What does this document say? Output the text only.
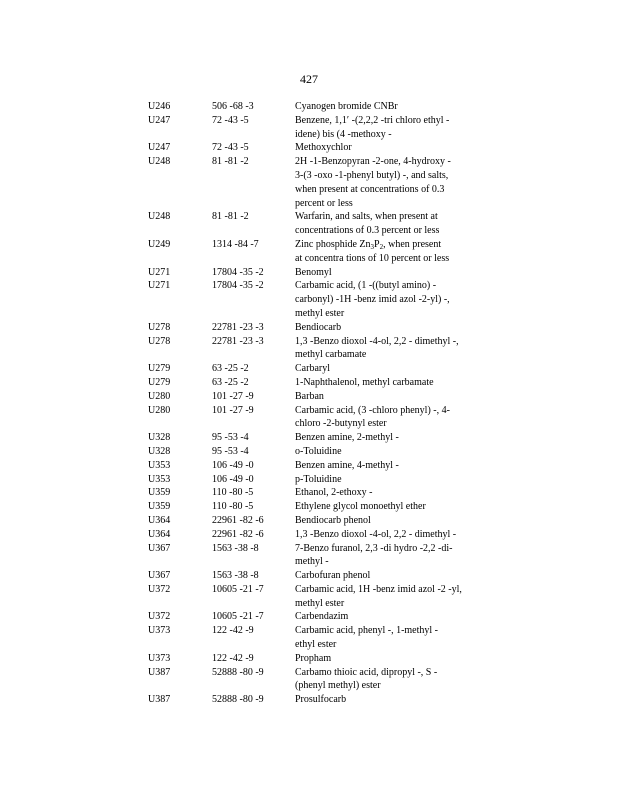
427
U246	506 -68 -3	Cyanogen bromide CNBr
U247	72 -43 -5	Benzene, 1,1′ -(2,2,2 -tri chloro ethyl -
idene) bis (4 -methoxy -
U247	72 -43 -5	Methoxychlor
U248	81 -81 -2	2H -1-Benzopyran -2-one, 4-hydroxy -
3-(3 -oxo -1-phenyl butyl) -, and salts,
when present at concentrations of 0.3
percent or less
U248	81 -81 -2	Warfarin, and salts, when present at
concentrations of 0.3 percent or less
U249	1314 -84 -7	Zinc phosphide $Zn_3P_2$, when present
at concentra tions of 10 percent or less
U271	17804 -35 -2	Benomyl
U271	17804 -35 -2	Carbamic acid, (1 -((butyl amino) -
carbonyl) -1H -benz imid azol -2-yl) -,
methyl ester
U278	22781 -23 -3	Bendiocarb
U278	22781 -23 -3	1,3 -Benzo dioxol -4-ol, 2,2 - dimethyl -,
methyl carbamate
U279	63 -25 -2	Carbaryl
U279	63 -25 -2	1-Naphthalenol, methyl carbamate
U280	101 -27 -9	Barban
U280	101 -27 -9	Carbamic acid, (3 -chloro phenyl) -, 4-
chloro -2-butynyl ester
U328	95 -53 -4	Benzen amine, 2-methyl -
U328	95 -53 -4	o-Toluidine
U353	106 -49 -0	Benzen amine, 4-methyl -
U353	106 -49 -0	p-Toluidine
U359	110 -80 -5	Ethanol, 2-ethoxy -
U359	110 -80 -5	Ethylene glycol monoethyl ether
U364	22961 -82 -6	Bendiocarb phenol
U364	22961 -82 -6	1,3 -Benzo dioxol -4-ol, 2,2 - dimethyl -
U367	1563 -38 -8	7-Benzo furanol, 2,3 -di hydro -2,2 -di-
methyl -
U367	1563 -38 -8	Carbofuran phenol
U372	10605 -21 -7	Carbamic acid, 1H -benz imid azol -2 -yl,
methyl ester
U372	10605 -21 -7	Carbendazim
U373	122 -42 -9	Carbamic acid, phenyl -, 1-methyl -
ethyl ester
U373	122 -42 -9	Propham
U387	52888 -80 -9	Carbamo thioic acid, dipropyl -, S -
(phenyl methyl) ester
U387	52888 -80 -9	Prosulfocarb
